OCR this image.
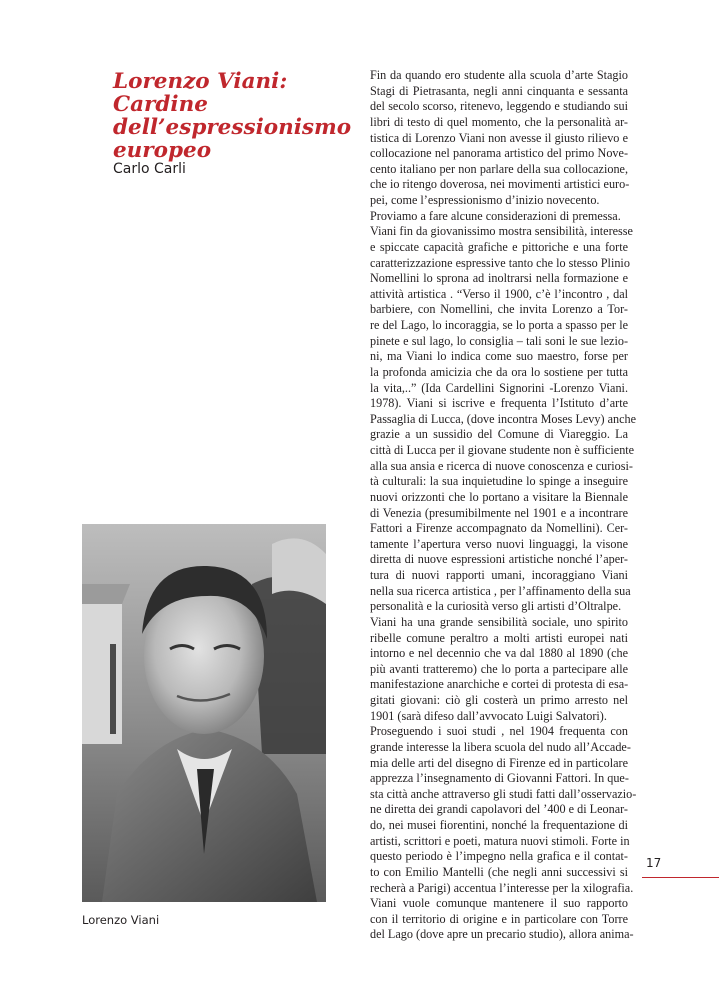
Lorenzo Viani:
Cardine
dell’espressionismo
europeo
Carlo Carli
Fin da quando ero studente alla scuola d’arte Stagio
Stagi di Pietrasanta, negli anni cinquanta e sessanta
del secolo scorso, ritenevo, leggendo e studiando sui
libri di testo di quel momento, che la personalità ar-
tistica di Lorenzo Viani non avesse il giusto rilievo e
collocazione nel panorama artistico del primo Nove-
cento italiano per non parlare della sua collocazione,
che io ritengo doverosa, nei movimenti artistici euro-
pei, come l’espressionismo d’inizio novecento.
Proviamo a fare alcune considerazioni di premessa.
Viani fin da giovanissimo mostra sensibilità, interesse
e spiccate capacità grafiche e pittoriche e una forte
caratterizzazione espressive tanto che lo stesso Plinio
Nomellini lo sprona ad inoltrarsi nella formazione e
attività artistica . “Verso il 1900, c’è l’incontro , dal
barbiere, con Nomellini, che invita Lorenzo a Tor-
re del Lago, lo incoraggia, se lo porta a spasso per le
pinete e sul lago, lo consiglia – tali soni le sue lezio-
ni, ma Viani lo indica come suo maestro, forse per
la profonda amicizia che da ora lo sostiene per tutta
la vita,..” (Ida Cardellini Signorini -Lorenzo Viani.
1978). Viani si iscrive e frequenta l’Istituto d’arte
Passaglia di Lucca, (dove incontra Moses Levy) anche
grazie a un sussidio del Comune di Viareggio. La
città di Lucca per il giovane studente non è sufficiente
alla sua ansia e ricerca di nuove conoscenza e curiosi-
tà culturali: la sua inquietudine lo spinge a inseguire
nuovi orizzonti che lo portano a visitare la Biennale
di Venezia (presumibilmente nel 1901 e a incontrare
Fattori a Firenze accompagnato da Nomellini). Cer-
tamente l’apertura verso nuovi linguaggi, la visone
diretta di nuove espressioni artistiche nonché l’aper-
tura di nuovi rapporti umani, incoraggiano Viani
nella sua ricerca artistica , per l’affinamento della sua
personalità e la curiosità verso gli artisti d’Oltralpe.
Viani ha una grande sensibilità sociale, uno spirito
ribelle comune peraltro a molti artisti europei nati
intorno e nel decennio che va dal 1880 al 1890 (che
più avanti tratteremo) che lo porta a partecipare alle
manifestazione anarchiche e cortei di protesta di esa-
gitati giovani: ciò gli costerà un primo arresto nel
1901 (sarà difeso dall’avvocato Luigi Salvatori).
Proseguendo i suoi studi , nel 1904 frequenta con
grande interesse la libera scuola del nudo all’Accade-
mia delle arti del disegno di Firenze ed in particolare
apprezza l’insegnamento di Giovanni Fattori. In que-
sta città anche attraverso gli studi fatti dall’osservazio-
ne diretta dei grandi capolavori del ’400 e di Leonar-
do, nei musei fiorentini, nonché la frequentazione di
artisti, scrittori e poeti, matura nuovi stimoli. Forte in
questo periodo è l’impegno nella grafica e il contat-
to con Emilio Mantelli (che negli anni successivi si
recherà a Parigi) accentua l’interesse per la xilografia.
Viani vuole comunque mantenere il suo rapporto
con il territorio di origine e in particolare con Torre
del Lago (dove apre un precario studio), allora anima-
Lorenzo Viani
17
